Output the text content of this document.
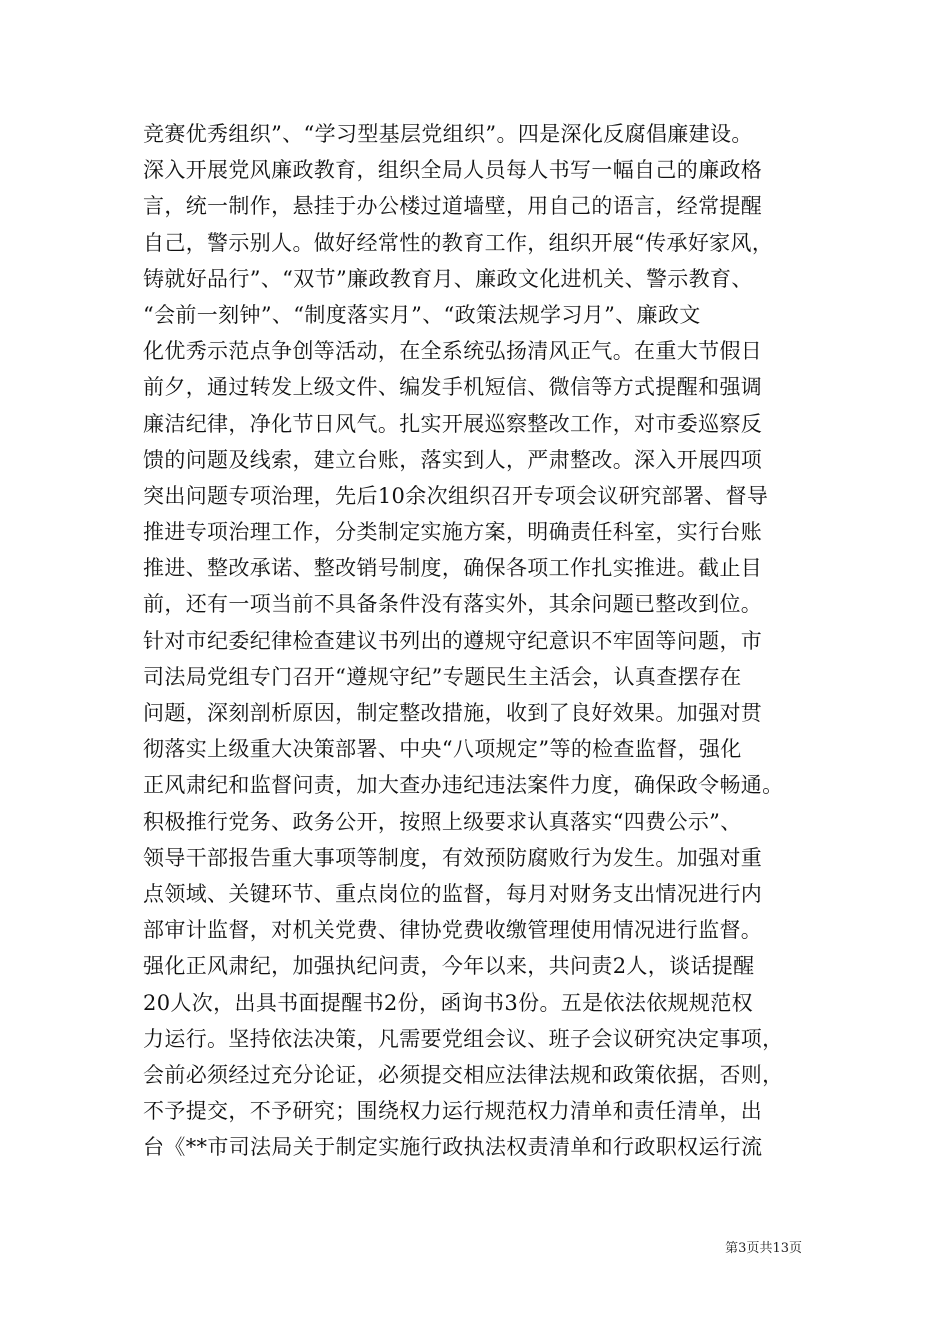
竞赛优秀组织”、“学习型基层党组织”。四是深化反腐倡廉建设。
深入开展党风廉政教育，组织全局人员每人书写一幅自己的廉政格
言，统一制作，悬挂于办公楼过道墙壁，用自己的语言，经常提醒
自己，警示别人。做好经常性的教育工作，组织开展“传承好家风，
铸就好品行”、“双节”廉政教育月、廉政文化进机关、警示教育、
“会前一刻钟”、“制度落实月”、“政策法规学习月”、廉政文
化优秀示范点争创等活动，在全系统弘扬清风正气。在重大节假日
前夕，通过转发上级文件、编发手机短信、微信等方式提醒和强调
廉洁纪律，净化节日风气。扎实开展巡察整改工作，对市委巡察反
馈的问题及线索，建立台账，落实到人，严肃整改。深入开展四项
突出问题专项治理，先后10余次组织召开专项会议研究部署、督导
推进专项治理工作，分类制定实施方案，明确责任科室，实行台账
推进、整改承诺、整改销号制度，确保各项工作扎实推进。截止目
前，还有一项当前不具备条件没有落实外，其余问题已整改到位。
针对市纪委纪律检查建议书列出的遵规守纪意识不牢固等问题，市
司法局党组专门召开“遵规守纪”专题民生主活会，认真查摆存在
问题，深刻剖析原因，制定整改措施，收到了良好效果。加强对贯
彻落实上级重大决策部署、中央“八项规定”等的检查监督，强化
正风肃纪和监督问责，加大查办违纪违法案件力度，确保政令畅通。
积极推行党务、政务公开，按照上级要求认真落实“四费公示”、
领导干部报告重大事项等制度，有效预防腐败行为发生。加强对重
点领域、关键环节、重点岗位的监督，每月对财务支出情况进行内
部审计监督，对机关党费、律协党费收缴管理使用情况进行监督。
强化正风肃纪，加强执纪问责，今年以来，共问责2人，谈话提醒
20人次，出具书面提醒书2份，函询书3份。五是依法依规规范权
力运行。坚持依法决策，凡需要党组会议、班子会议研究决定事项，
会前必须经过充分论证，必须提交相应法律法规和政策依据，否则，
不予提交，不予研究；围绕权力运行规范权力清单和责任清单，出
台《**市司法局关于制定实施行政执法权责清单和行政职权运行流
第3页共13页
